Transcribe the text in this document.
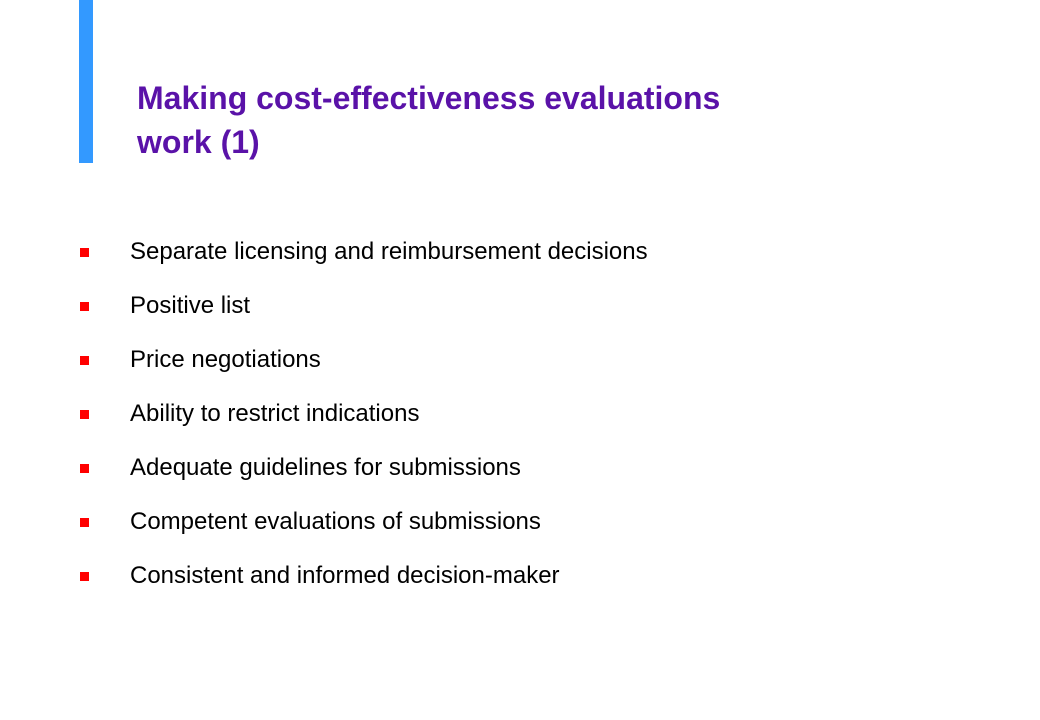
Making cost-effectiveness evaluations
work (1)
Separate licensing and reimbursement decisions
Positive list
Price negotiations
Ability to restrict indications
Adequate guidelines for submissions
Competent evaluations of submissions
Consistent and informed decision-maker
